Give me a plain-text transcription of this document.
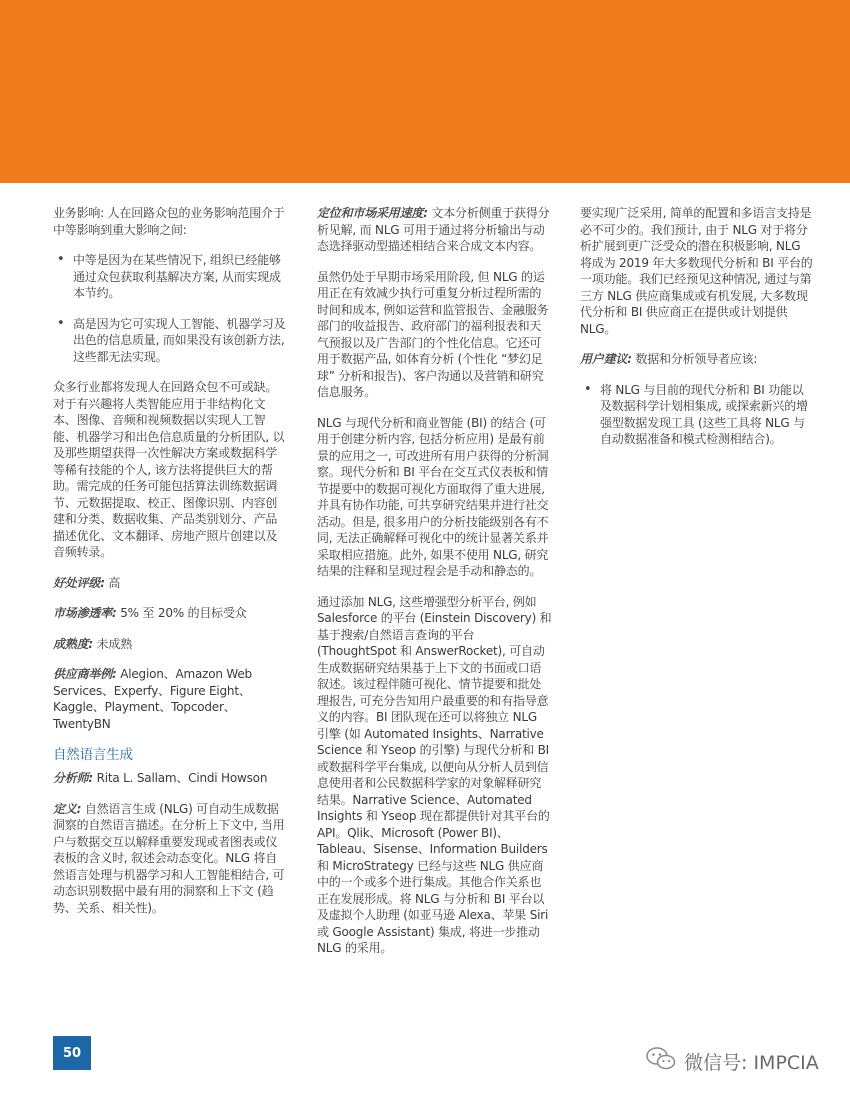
业务影响: 人在回路众包的业务影响范围介于中等影响到重大影响之间:

• 中等是因为在某些情况下, 组织已经能够通过众包获取利基解决方案, 从而实现成本节约。
• 高是因为它可实现人工智能、机器学习及出色的信息质量, 而如果没有该创新方法, 这些都无法实现。

众多行业都将发现人在回路众包不可或缺。对于有兴趣将人类智能应用于非结构化文本、图像、音频和视频数据以实现人工智能、机器学习和出色信息质量的分析团队, 以及那些期望获得一次性解决方案或数据科学等稀有技能的个人, 该方法将提供巨大的帮助。需完成的任务可能包括算法训练数据调节、元数据提取、校正、图像识别、内容创建和分类、数据收集、产品类别划分、产品描述优化、文本翻译、房地产照片创建以及音频转录。

好处评级: 高

市场渗透率: 5% 至 20% 的目标受众

成熟度: 未成熟

供应商举例: Alegion、Amazon Web Services、Experfy、Figure Eight、Kaggle、Playment、Topcoder、TwentyBN

自然语言生成

分析师: Rita L. Sallam、Cindi Howson

定义: 自然语言生成 (NLG) 可自动生成数据洞察的自然语言描述。在分析上下文中, 当用户与数据交互以解释重要发现或者图表或仪表板的含义时, 叙述会动态变化。NLG 将自然语言处理与机器学习和人工智能相结合, 可动态识别数据中最有用的洞察和上下文 (趋势、关系、相关性)。

定位和市场采用速度: 文本分析侧重于获得分析见解, 而 NLG 可用于通过将分析输出与动态选择驱动型描述相结合来合成文本内容。

虽然仍处于早期市场采用阶段, 但 NLG 的运用正在有效减少执行可重复分析过程所需的时间和成本, 例如运营和监管报告、金融服务部门的收益报告、政府部门的福利报表和天气预报以及广告部门的个性化信息。它还可用于数据产品, 如体育分析 (个性化 “梦幻足球” 分析和报告)、客户沟通以及营销和研究信息服务。

NLG 与现代分析和商业智能 (BI) 的结合 (可用于创建分析内容, 包括分析应用) 是最有前景的应用之一, 可改进所有用户获得的分析洞察。现代分析和 BI 平台在交互式仪表板和情节提要中的数据可视化方面取得了重大进展, 并具有协作功能, 可共享研究结果并进行社交活动。但是, 很多用户的分析技能级别各有不同, 无法正确解释可视化中的统计显著关系并采取相应措施。此外, 如果不使用 NLG, 研究结果的注释和呈现过程会是手动和静态的。

通过添加 NLG, 这些增强型分析平台, 例如 Salesforce 的平台 (Einstein Discovery) 和基于搜索/自然语言查询的平台 (ThoughtSpot 和 AnswerRocket), 可自动生成数据研究结果基于上下文的书面或口语叙述。该过程伴随可视化、情节提要和批处理报告, 可充分告知用户最重要的和有指导意义的内容。BI 团队现在还可以将独立 NLG 引擎 (如 Automated Insights、Narrative Science 和 Yseop 的引擎) 与现代分析和 BI 或数据科学平台集成, 以便向从分析人员到信息使用者和公民数据科学家的对象解释研究结果。Narrative Science、Automated Insights 和 Yseop 现在都提供针对其平台的 API。Qlik、Microsoft (Power BI)、Tableau、Sisense、Information Builders 和 MicroStrategy 已经与这些 NLG 供应商中的一个或多个进行集成。其他合作关系也正在发展形成。将 NLG 与分析和 BI 平台以及虚拟个人助理 (如亚马逊 Alexa、苹果 Siri 或 Google Assistant) 集成, 将进一步推动 NLG 的采用。

要实现广泛采用, 简单的配置和多语言支持是必不可少的。我们预计, 由于 NLG 对于将分析扩展到更广泛受众的潜在积极影响, NLG 将成为 2019 年大多数现代分析和 BI 平台的一项功能。我们已经预见这种情况, 通过与第三方 NLG 供应商集成或有机发展, 大多数现代分析和 BI 供应商正在提供或计划提供 NLG。

用户建议: 数据和分析领导者应该:

• 将 NLG 与目前的现代分析和 BI 功能以及数据科学计划相集成, 或探索新兴的增强型数据发现工具 (这些工具将 NLG 与自动数据准备和模式检测相结合)。
50	微信号: IMPCIA
